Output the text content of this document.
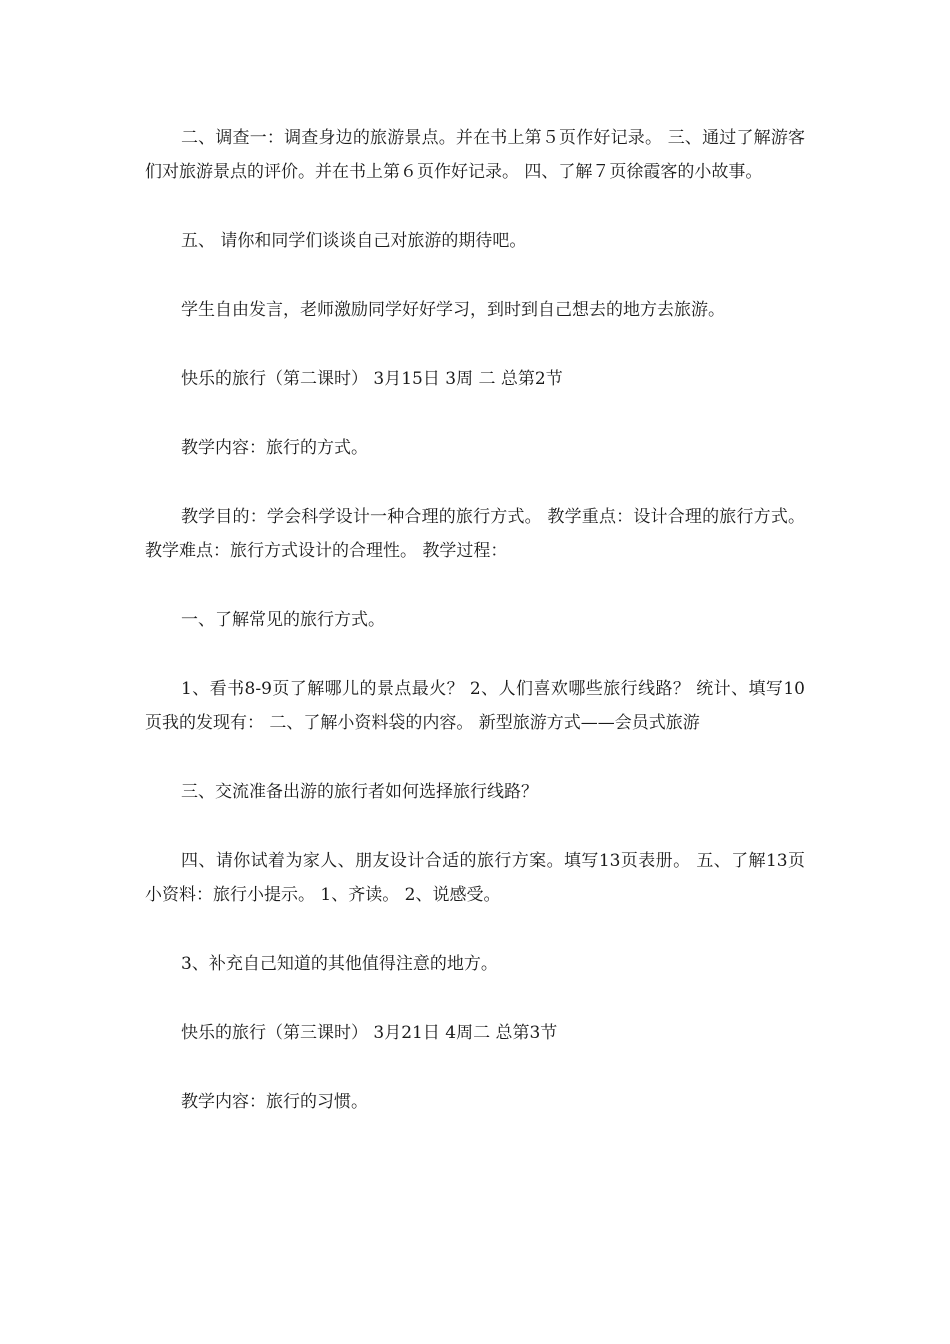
二、调查一：调查身边的旅游景点。并在书上第５页作好记录。 三、通过了解游客们对旅游景点的评价。并在书上第６页作好记录。 四、了解７页徐霞客的小故事。

五、 请你和同学们谈谈自己对旅游的期待吧。

学生自由发言，老师激励同学好好学习，到时到自己想去的地方去旅游。

快乐的旅行（第二课时） 3月15日 3周 二 总第2节

教学内容：旅行的方式。

教学目的：学会科学设计一种合理的旅行方式。 教学重点：设计合理的旅行方式。 教学难点：旅行方式设计的合理性。 教学过程：

一、了解常见的旅行方式。

1、看书8-9页了解哪儿的景点最火？ 2、人们喜欢哪些旅行线路？ 统计、填写10页我的发现有： 二、了解小资料袋的内容。 新型旅游方式——会员式旅游

三、交流准备出游的旅行者如何选择旅行线路？

四、请你试着为家人、朋友设计合适的旅行方案。填写13页表册。 五、了解13页小资料：旅行小提示。 1、齐读。 2、说感受。

3、补充自己知道的其他值得注意的地方。

快乐的旅行（第三课时） 3月21日 4周二 总第3节

教学内容：旅行的习惯。
